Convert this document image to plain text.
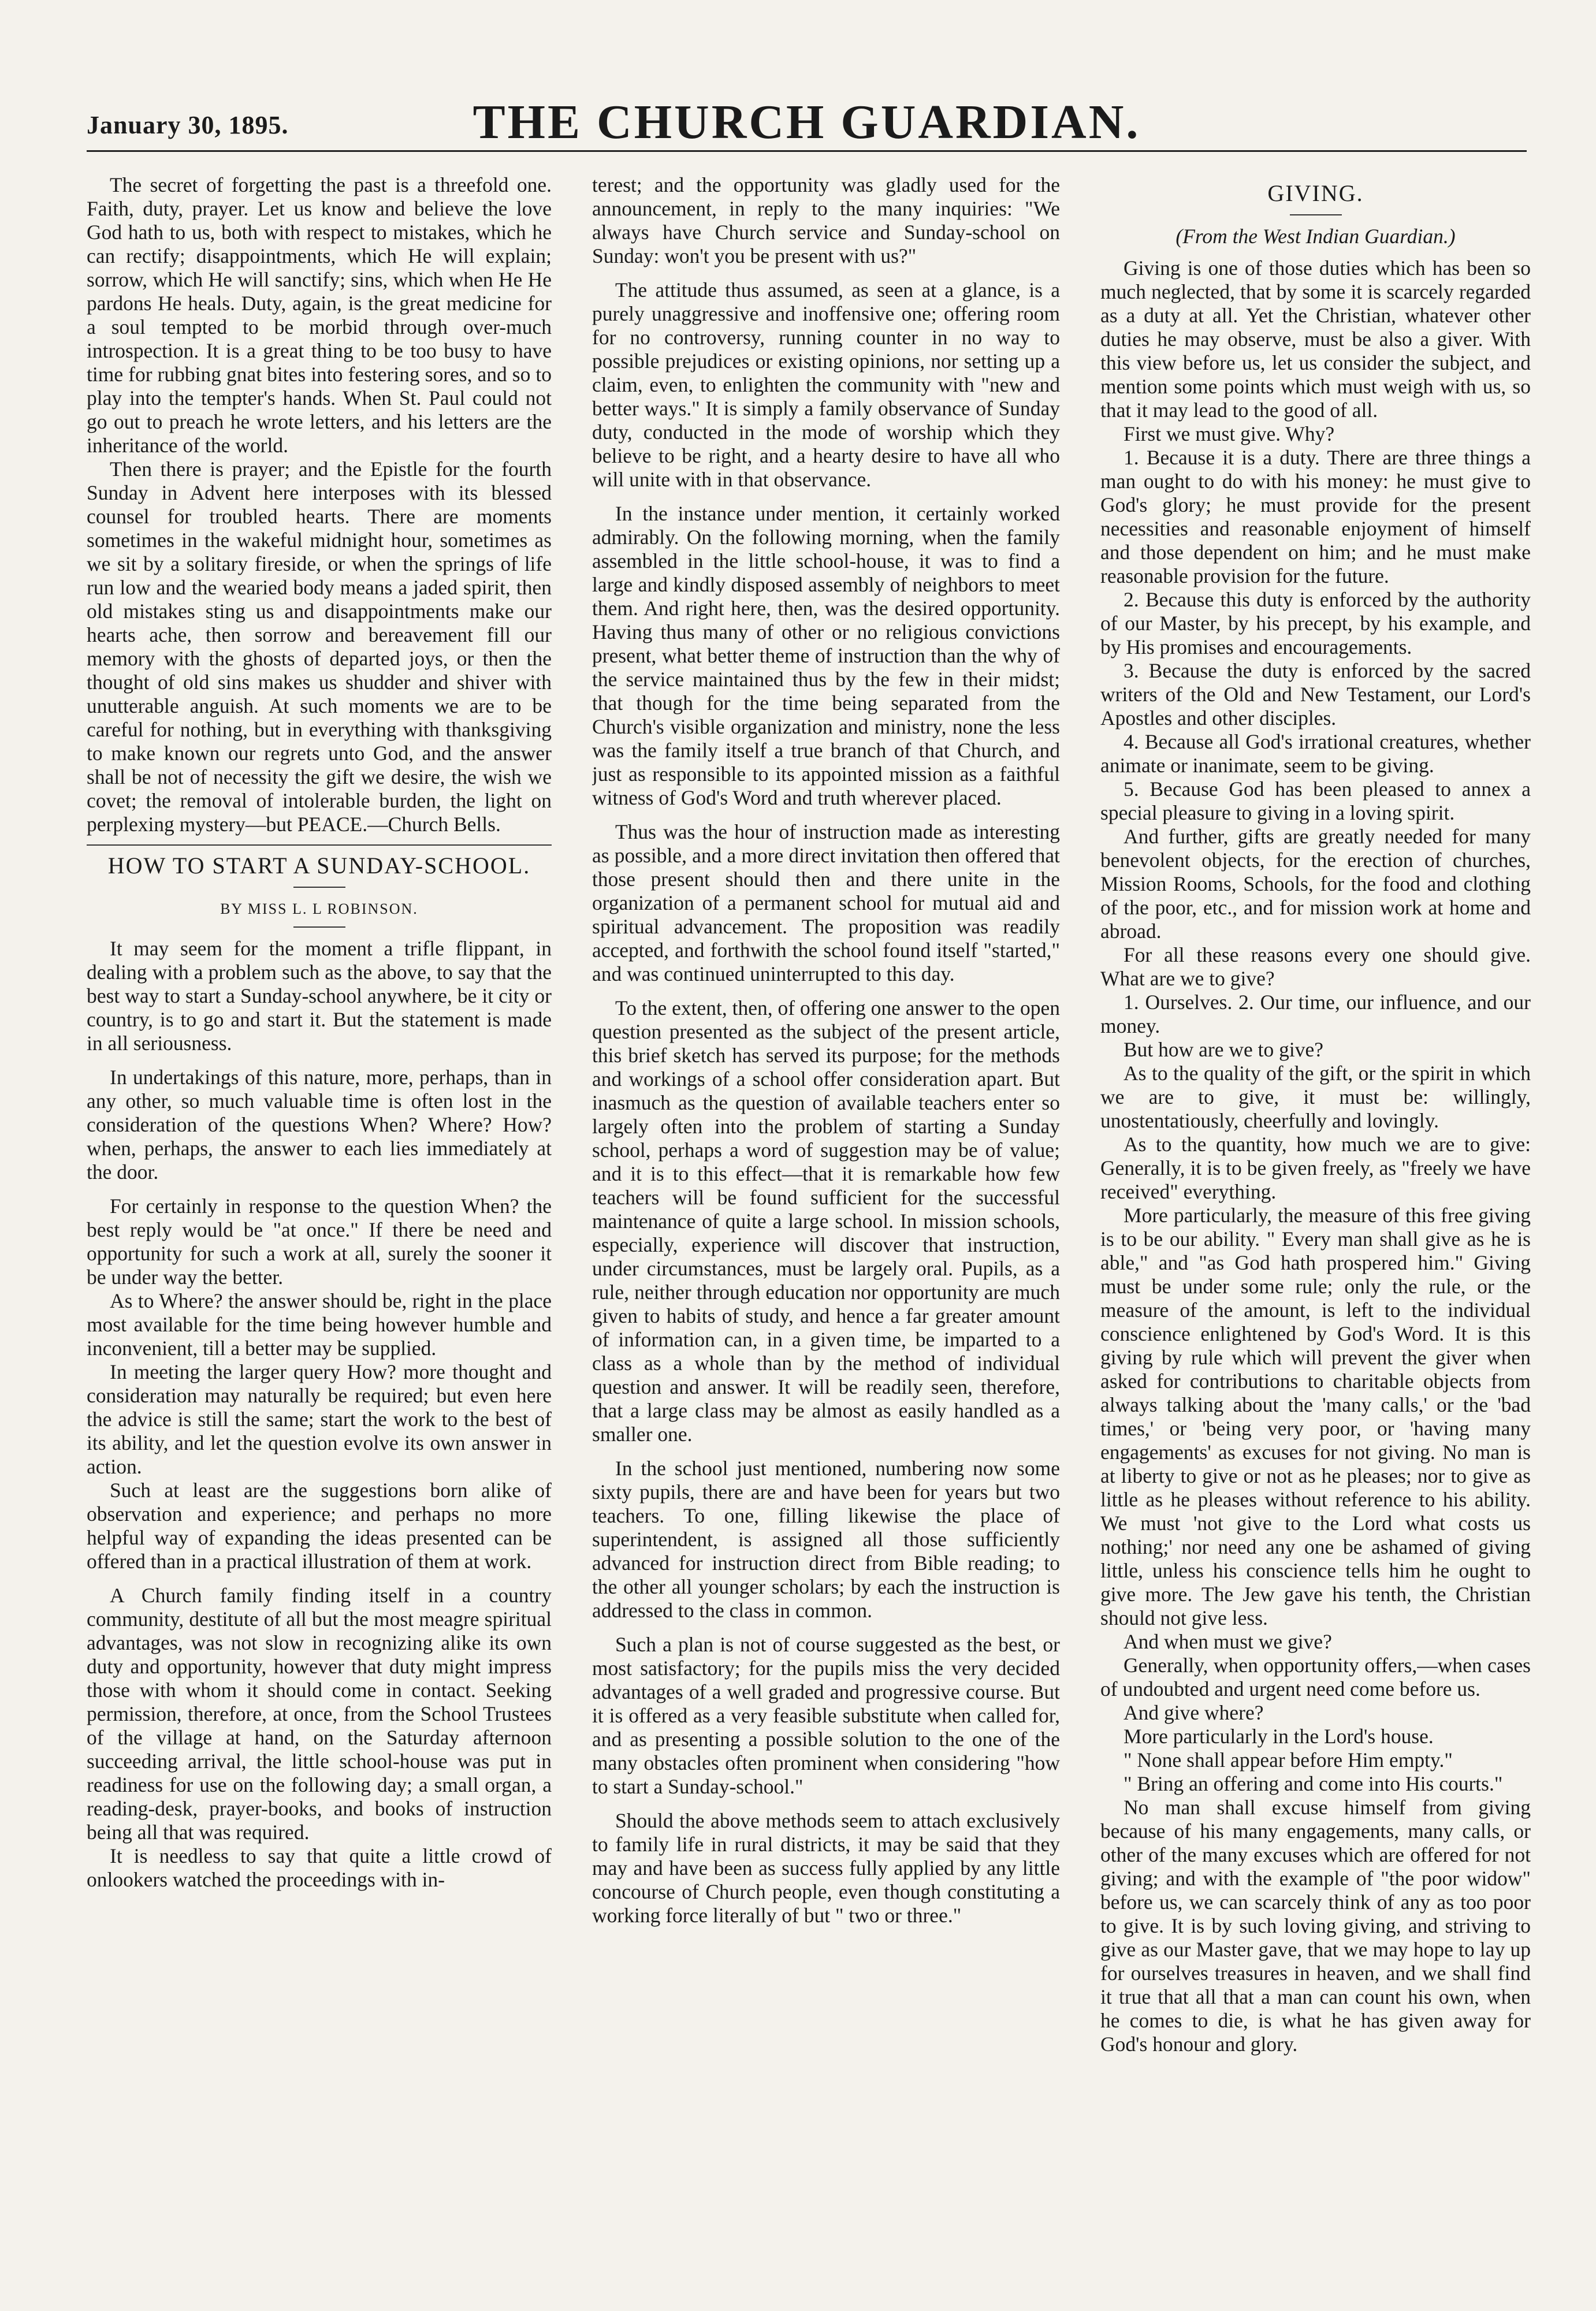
January 30, 1895.	THE CHURCH GUARDIAN.

The secret of forgetting the past is a threefold one. Faith, duty, prayer. Let us know and believe the love God hath to us, both with respect to mistakes, which he can rectify; disappointments, which He will explain; sorrow, which He will sanctify; sins, which when He He pardons He heals. Duty, again, is the great medicine for a soul tempted to be morbid through over-much introspection. It is a great thing to be too busy to have time for rubbing gnat bites into festering sores, and so to play into the tempter's hands. When St. Paul could not go out to preach he wrote letters, and his letters are the inheritance of the world.

Then there is prayer; and the Epistle for the fourth Sunday in Advent here interposes with its blessed counsel for troubled hearts. There are moments sometimes in the wakeful midnight hour, sometimes as we sit by a solitary fireside, or when the springs of life run low and the wearied body means a jaded spirit, then old mistakes sting us and disappointments make our hearts ache, then sorrow and bereavement fill our memory with the ghosts of departed joys, or then the thought of old sins makes us shudder and shiver with unutterable anguish. At such moments we are to be careful for nothing, but in everything with thanksgiving to make known our regrets unto God, and the answer shall be not of necessity the gift we desire, the wish we covet; the removal of intolerable burden, the light on perplexing mystery—but PEACE.—Church Bells.

HOW TO START A SUNDAY-SCHOOL.
BY MISS L. L ROBINSON.

It may seem for the moment a trifle flippant, in dealing with a problem such as the above, to say that the best way to start a Sunday-school anywhere, be it city or country, is to go and start it. But the statement is made in all seriousness.

In undertakings of this nature, more, perhaps, than in any other, so much valuable time is often lost in the consideration of the questions When? Where? How? when, perhaps, the answer to each lies immediately at the door.

For certainly in response to the question When? the best reply would be "at once." If there be need and opportunity for such a work at all, surely the sooner it be under way the better.

As to Where? the answer should be, right in the place most available for the time being however humble and inconvenient, till a better may be supplied.

In meeting the larger query How? more thought and consideration may naturally be required; but even here the advice is still the same; start the work to the best of its ability, and let the question evolve its own answer in action.

Such at least are the suggestions born alike of observation and experience; and perhaps no more helpful way of expanding the ideas presented can be offered than in a practical illustration of them at work.

A Church family finding itself in a country community, destitute of all but the most meagre spiritual advantages, was not slow in recognizing alike its own duty and opportunity, however that duty might impress those with whom it should come in contact. Seeking permission, therefore, at once, from the School Trustees of the village at hand, on the Saturday afternoon succeeding arrival, the little school-house was put in readiness for use on the following day; a small organ, a reading-desk, prayer-books, and books of instruction being all that was required.

It is needless to say that quite a little crowd of onlookers watched the proceedings with in-

terest; and the opportunity was gladly used for the announcement, in reply to the many inquiries: "We always have Church service and Sunday-school on Sunday: won't you be present with us?"

The attitude thus assumed, as seen at a glance, is a purely unaggressive and inoffensive one; offering room for no controversy, running counter in no way to possible prejudices or existing opinions, nor setting up a claim, even, to enlighten the community with "new and better ways." It is simply a family observance of Sunday duty, conducted in the mode of worship which they believe to be right, and a hearty desire to have all who will unite with in that observance.

In the instance under mention, it certainly worked admirably. On the following morning, when the family assembled in the little school-house, it was to find a large and kindly disposed assembly of neighbors to meet them. And right here, then, was the desired opportunity. Having thus many of other or no religious convictions present, what better theme of instruction than the why of the service maintained thus by the few in their midst; that though for the time being separated from the Church's visible organization and ministry, none the less was the family itself a true branch of that Church, and just as responsible to its appointed mission as a faithful witness of God's Word and truth wherever placed.

Thus was the hour of instruction made as interesting as possible, and a more direct invitation then offered that those present should then and there unite in the organization of a permanent school for mutual aid and spiritual advancement. The proposition was readily accepted, and forthwith the school found itself "started," and was continued uninterrupted to this day.

To the extent, then, of offering one answer to the open question presented as the subject of the present article, this brief sketch has served its purpose; for the methods and workings of a school offer consideration apart. But inasmuch as the question of available teachers enter so largely often into the problem of starting a Sunday school, perhaps a word of suggestion may be of value; and it is to this effect—that it is remarkable how few teachers will be found sufficient for the successful maintenance of quite a large school. In mission schools, especially, experience will discover that instruction, under circumstances, must be largely oral. Pupils, as a rule, neither through education nor opportunity are much given to habits of study, and hence a far greater amount of information can, in a given time, be imparted to a class as a whole than by the method of individual question and answer. It will be readily seen, therefore, that a large class may be almost as easily handled as a smaller one.

In the school just mentioned, numbering now some sixty pupils, there are and have been for years but two teachers. To one, filling likewise the place of superintendent, is assigned all those sufficiently advanced for instruction direct from Bible reading; to the other all younger scholars; by each the instruction is addressed to the class in common.

Such a plan is not of course suggested as the best, or most satisfactory; for the pupils miss the very decided advantages of a well graded and progressive course. But it is offered as a very feasible substitute when called for, and as presenting a possible solution to the one of the many obstacles often prominent when considering "how to start a Sunday-school."

Should the above methods seem to attach exclusively to family life in rural districts, it may be said that they may and have been as success fully applied by any little concourse of Church people, even though constituting a working force literally of but " two or three."

GIVING.
(From the West Indian Guardian.)

Giving is one of those duties which has been so much neglected, that by some it is scarcely regarded as a duty at all. Yet the Christian, whatever other duties he may observe, must be also a giver. With this view before us, let us consider the subject, and mention some points which must weigh with us, so that it may lead to the good of all.

First we must give. Why?

1. Because it is a duty. There are three things a man ought to do with his money: he must give to God's glory; he must provide for the present necessities and reasonable enjoyment of himself and those dependent on him; and he must make reasonable provision for the future.

2. Because this duty is enforced by the authority of our Master, by his precept, by his example, and by His promises and encouragements.

3. Because the duty is enforced by the sacred writers of the Old and New Testament, our Lord's Apostles and other disciples.

4. Because all God's irrational creatures, whether animate or inanimate, seem to be giving.

5. Because God has been pleased to annex a special pleasure to giving in a loving spirit.

And further, gifts are greatly needed for many benevolent objects, for the erection of churches, Mission Rooms, Schools, for the food and clothing of the poor, etc., and for mission work at home and abroad.

For all these reasons every one should give. What are we to give?

1. Ourselves. 2. Our time, our influence, and our money.

But how are we to give?

As to the quality of the gift, or the spirit in which we are to give, it must be: willingly, unostentatiously, cheerfully and lovingly.

As to the quantity, how much we are to give: Generally, it is to be given freely, as "freely we have received" everything.

More particularly, the measure of this free giving is to be our ability. " Every man shall give as he is able," and "as God hath prospered him." Giving must be under some rule; only the rule, or the measure of the amount, is left to the individual conscience enlightened by God's Word. It is this giving by rule which will prevent the giver when asked for contributions to charitable objects from always talking about the 'many calls,' or the 'bad times,' or 'being very poor, or 'having many engagements' as excuses for not giving. No man is at liberty to give or not as he pleases; nor to give as little as he pleases without reference to his ability. We must 'not give to the Lord what costs us nothing;' nor need any one be ashamed of giving little, unless his conscience tells him he ought to give more. The Jew gave his tenth, the Christian should not give less.

And when must we give?

Generally, when opportunity offers,—when cases of undoubted and urgent need come before us.

And give where?

More particularly in the Lord's house.

" None shall appear before Him empty."

" Bring an offering and come into His courts."

No man shall excuse himself from giving because of his many engagements, many calls, or other of the many excuses which are offered for not giving; and with the example of "the poor widow" before us, we can scarcely think of any as too poor to give. It is by such loving giving, and striving to give as our Master gave, that we may hope to lay up for ourselves treasures in heaven, and we shall find it true that all that a man can count his own, when he comes to die, is what he has given away for God's honour and glory.
